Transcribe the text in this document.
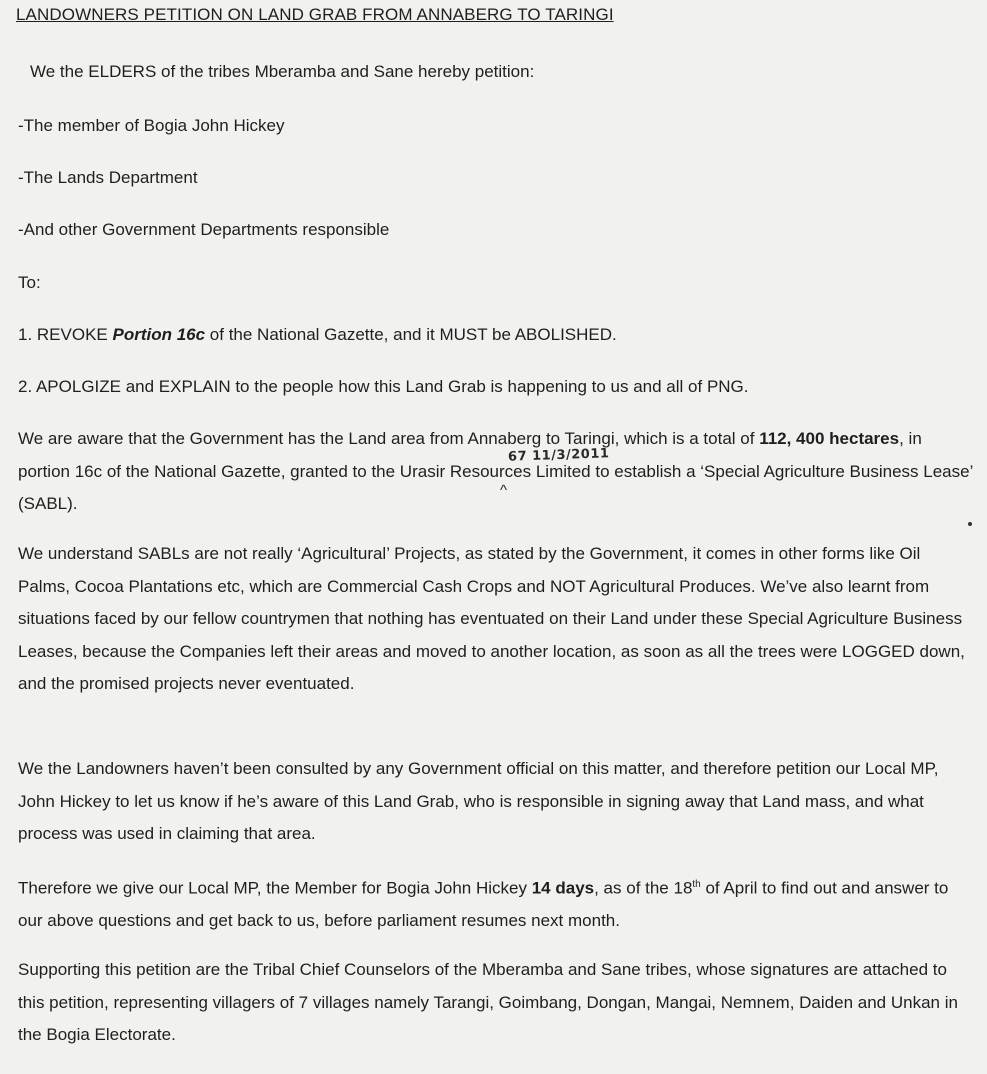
LANDOWNERS PETITION ON LAND GRAB FROM ANNABERG TO TARINGI
We the ELDERS of the tribes Mberamba and Sane hereby petition:
-The member of Bogia John Hickey
-The Lands Department
-And other Government Departments responsible
To:
1. REVOKE Portion 16c of the National Gazette, and it MUST be ABOLISHED.
2. APOLGIZE and EXPLAIN to the people how this Land Grab is happening to us and all of PNG.
We are aware that the Government has the Land area from Annaberg to Taringi, which is a total of 112, 400 hectares, in portion 16c of the National Gazette, granted to the Urasir Resources Limited to establish a ‘Special Agriculture Business Lease’ (SABL).
67 11/3/2011
^
We understand SABLs are not really ‘Agricultural’ Projects, as stated by the Government, it comes in other forms like Oil Palms, Cocoa Plantations etc, which are Commercial Cash Crops and NOT Agricultural Produces. We’ve also learnt from situations faced by our fellow countrymen that nothing has eventuated on their Land under these Special Agriculture Business Leases, because the Companies left their areas and moved to another location, as soon as all the trees were LOGGED down, and the promised projects never eventuated.
We the Landowners haven’t been consulted by any Government official on this matter, and therefore petition our Local MP, John Hickey to let us know if he’s aware of this Land Grab, who is responsible in signing away that Land mass, and what process was used in claiming that area.
Therefore we give our Local MP, the Member for Bogia John Hickey 14 days, as of the 18th of April to find out and answer to our above questions and get back to us, before parliament resumes next month.
Supporting this petition are the Tribal Chief Counselors of the Mberamba and Sane tribes, whose signatures are attached to this petition, representing villagers of 7 villages namely Tarangi, Goimbang, Dongan, Mangai, Nemnem, Daiden and Unkan in the Bogia Electorate.
